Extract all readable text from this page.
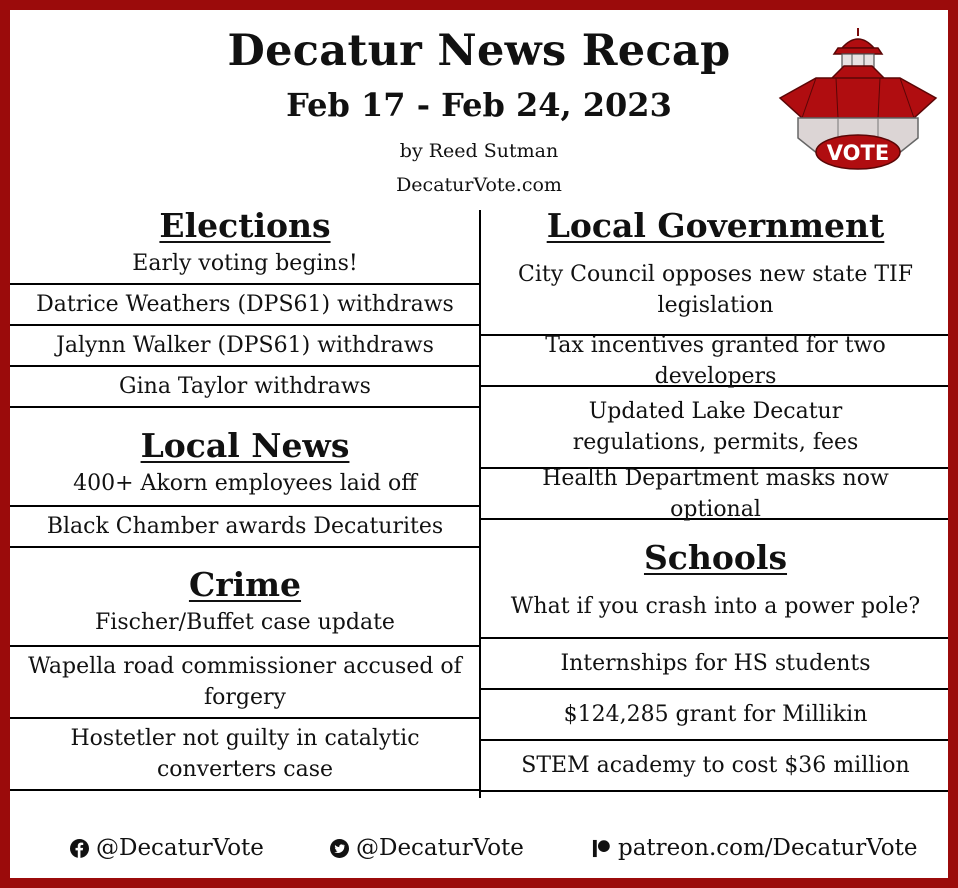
Decatur News Recap
Feb 17 - Feb 24, 2023
by Reed Sutman
DecaturVote.com
VOTE
Elections
Early voting begins!
Datrice Weathers (DPS61) withdraws
Jalynn Walker (DPS61) withdraws
Gina Taylor withdraws
Local News
400+ Akorn employees laid off
Black Chamber awards Decaturites
Crime
Fischer/Buffet case update
Wapella road commissioner accused of forgery
Hostetler not guilty in catalytic converters case
Local Government
City Council opposes new state TIF legislation
Tax incentives granted for two developers
Updated Lake Decatur regulations, permits, fees
Health Department masks now optional
Schools
What if you crash into a power pole?
Internships for HS students
$124,285 grant for Millikin
STEM academy to cost $36 million
@DecaturVote	@DecaturVote	patreon.com/DecaturVote
